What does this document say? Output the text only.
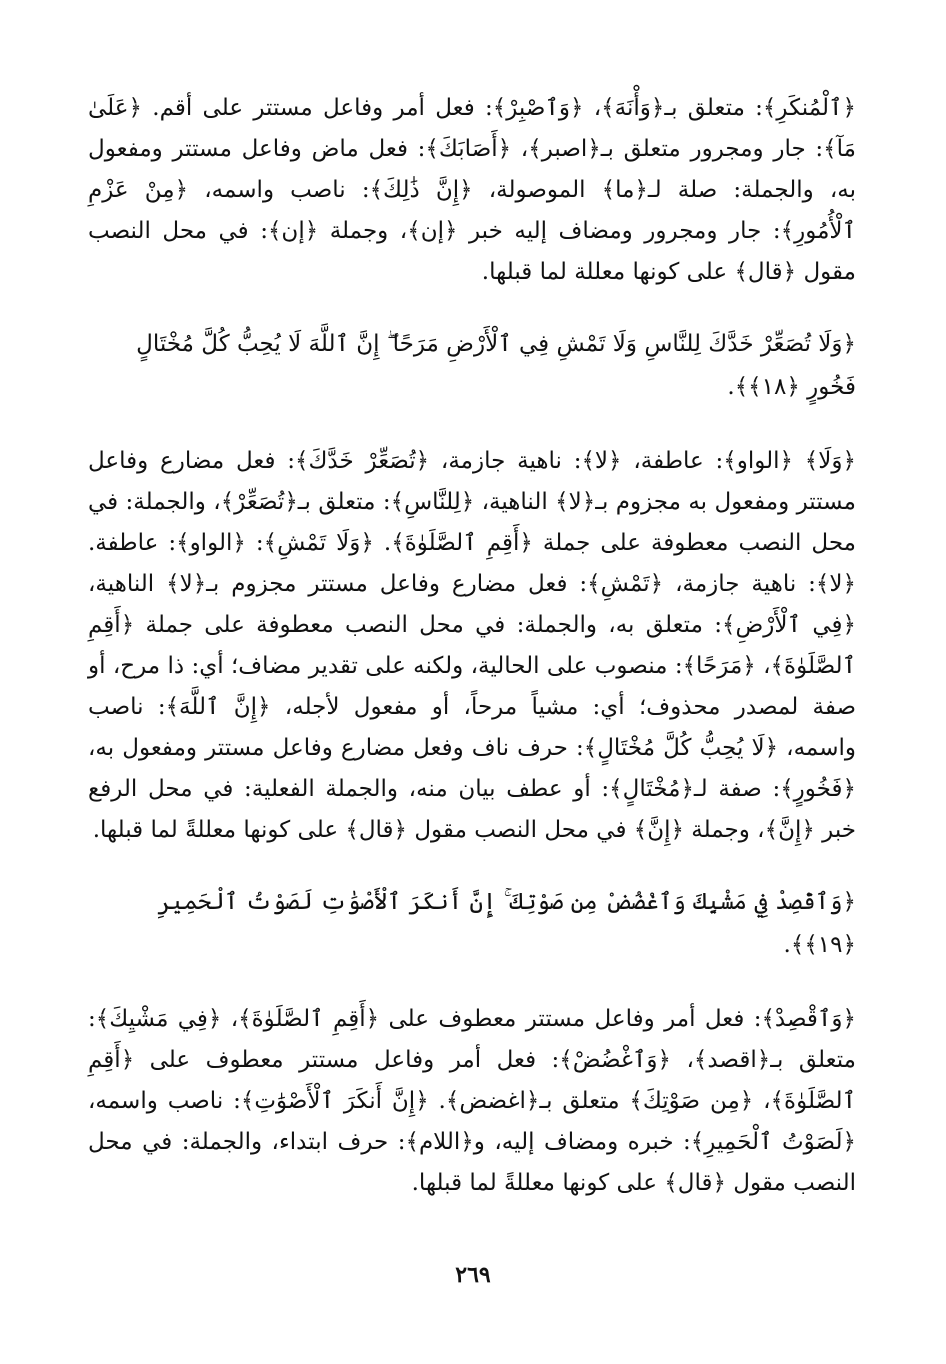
﴿ٱلْمُنكَرِ﴾: متعلق بـ﴿وَأْنَهَ﴾، ﴿وَٱصْبِرْ﴾: فعل أمر وفاعل مستتر على أقم. ﴿عَلَىٰ مَآ﴾: جار ومجرور متعلق بـ﴿اصبر﴾، ﴿أَصَابَكَ﴾: فعل ماض وفاعل مستتر ومفعول به، والجملة: صلة لـ﴿ما﴾ الموصولة، ﴿إِنَّ ذَٰلِكَ﴾: ناصب واسمه، ﴿مِنْ عَزْمِ ٱلْأُمُورِ﴾: جار ومجرور ومضاف إليه خبر ﴿إن﴾، وجملة ﴿إن﴾: في محل النصب مقول ﴿قال﴾ على كونها معللة لما قبلها.

﴿وَلَا تُصَعِّرْ خَدَّكَ لِلنَّاسِ وَلَا تَمْشِ فِي ٱلْأَرْضِ مَرَحًا ۖ إِنَّ ٱللَّهَ لَا يُحِبُّ كُلَّ مُخْتَالٍ فَخُورٍ ﴿١٨﴾﴾.

﴿وَلَا﴾ ﴿الواو﴾: عاطفة، ﴿لا﴾: ناهية جازمة، ﴿تُصَعِّرْ خَدَّكَ﴾: فعل مضارع وفاعل مستتر ومفعول به مجزوم بـ﴿لا﴾ الناهية، ﴿لِلنَّاسِ﴾: متعلق بـ﴿تُصَعِّرْ﴾، والجملة: في محل النصب معطوفة على جملة ﴿أَقِمِ ٱلصَّلَوٰةَ﴾. ﴿وَلَا تَمْشِ﴾: ﴿الواو﴾: عاطفة. ﴿لا﴾: ناهية جازمة، ﴿تَمْشِ﴾: فعل مضارع وفاعل مستتر مجزوم بـ﴿لا﴾ الناهية، ﴿فِي ٱلْأَرْضِ﴾: متعلق به، والجملة: في محل النصب معطوفة على جملة ﴿أَقِمِ ٱلصَّلَوٰةَ﴾، ﴿مَرَحًا﴾: منصوب على الحالية، ولكنه على تقدير مضاف؛ أي: ذا مرح، أو صفة لمصدر محذوف؛ أي: مشياً مرحاً، أو مفعول لأجله، ﴿إِنَّ ٱللَّهَ﴾: ناصب واسمه، ﴿لَا يُحِبُّ كُلَّ مُخْتَالٍ﴾: حرف ناف وفعل مضارع وفاعل مستتر ومفعول به، ﴿فَخُورٍ﴾: صفة لـ﴿مُخْتَالٍ﴾: أو عطف بيان منه، والجملة الفعلية: في محل الرفع خبر ﴿إِنَّ﴾، وجملة ﴿إِنَّ﴾ في محل النصب مقول ﴿قال﴾ على كونها معللةً لما قبلها.

﴿وَٱقْصِدْ فِي مَشْيِكَ وَٱغْضُضْ مِن صَوْتِكَ ۚ إِنَّ أَنكَرَ ٱلْأَصْوَٰتِ لَصَوْتُ ٱلْحَمِيرِ ﴿١٩﴾﴾.

﴿وَٱقْصِدْ﴾: فعل أمر وفاعل مستتر معطوف على ﴿أَقِمِ ٱلصَّلَوٰةَ﴾، ﴿فِي مَشْيِكَ﴾: متعلق بـ﴿اقصد﴾، ﴿وَٱغْضُضْ﴾: فعل أمر وفاعل مستتر معطوف على ﴿أَقِمِ ٱلصَّلَوٰةَ﴾، ﴿مِن صَوْتِكَ﴾ متعلق بـ﴿اغضض﴾. ﴿إِنَّ أَنكَرَ ٱلْأَصْوَٰتِ﴾: ناصب واسمه، ﴿لَصَوْتُ ٱلْحَمِيرِ﴾: خبره ومضاف إليه، و﴿اللام﴾: حرف ابتداء، والجملة: في محل النصب مقول ﴿قال﴾ على كونها معللةً لما قبلها.

٢٦٩
